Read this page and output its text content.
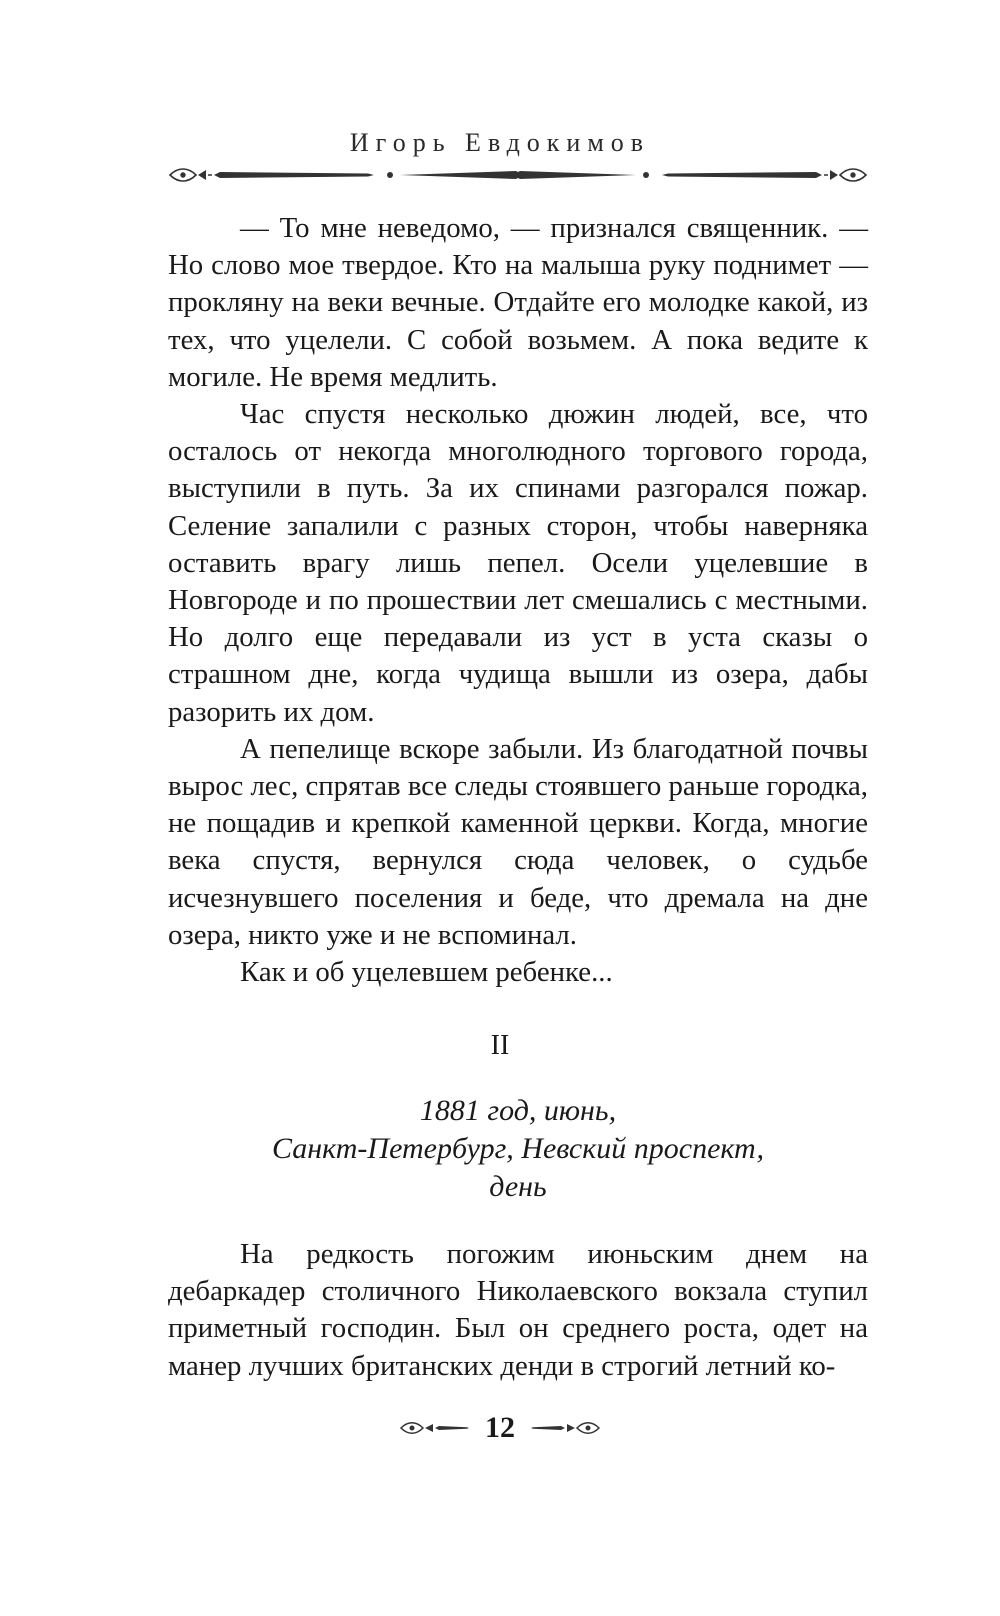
Игорь Евдокимов

— То мне неведомо, — признался священник. — Но слово мое твердое. Кто на малыша руку поднимет — прокляну на веки вечные. Отдайте его молодке какой, из тех, что уцелели. С собой возьмем. А пока ведите к могиле. Не время медлить.

Час спустя несколько дюжин людей, все, что осталось от некогда многолюдного торгового города, выступили в путь. За их спинами разгорался пожар. Селение запалили с разных сторон, чтобы наверняка оставить врагу лишь пепел. Осели уцелевшие в Новгороде и по прошествии лет смешались с местными. Но долго еще передавали из уст в уста сказы о страшном дне, когда чудища вышли из озера, дабы разорить их дом.

А пепелище вскоре забыли. Из благодатной почвы вырос лес, спрятав все следы стоявшего раньше городка, не пощадив и крепкой каменной церкви. Когда, многие века спустя, вернулся сюда человек, о судьбе исчезнувшего поселения и беде, что дремала на дне озера, никто уже и не вспоминал.

Как и об уцелевшем ребенке...

II
1881 год, июнь,
Санкт-Петербург, Невский проспект,
день

На редкость погожим июньским днем на дебаркадер столичного Николаевского вокзала ступил приметный господин. Был он среднего роста, одет на манер лучших британских денди в строгий летний ко-

12
